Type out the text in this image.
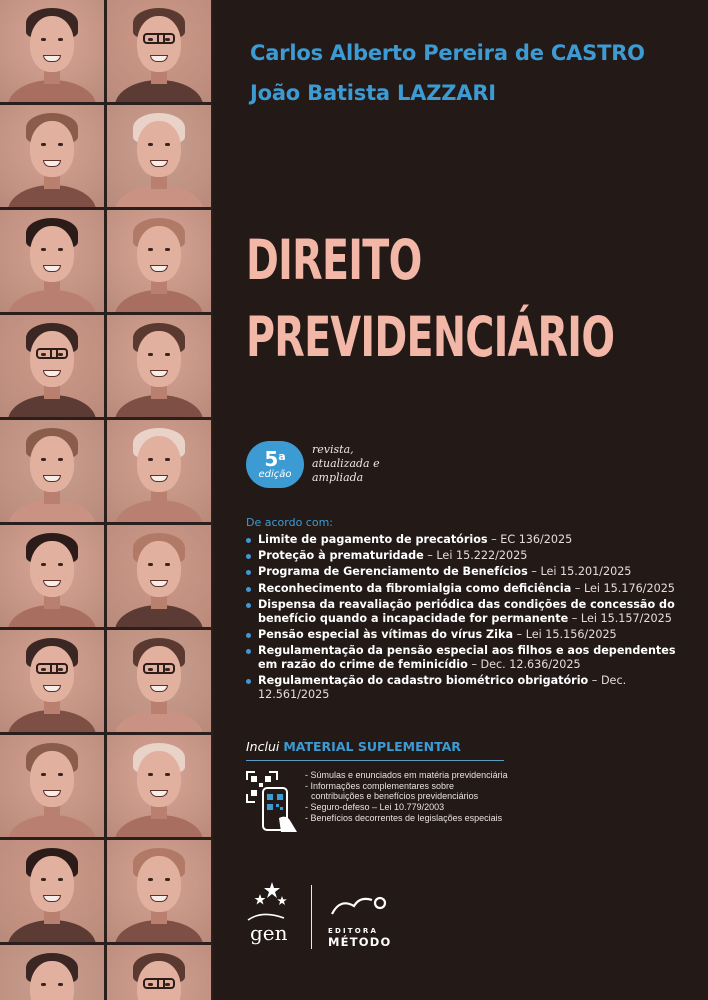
Carlos Alberto Pereira de CASTRO
João Batista LAZZARI
DIREITO
PREVIDENCIÁRIO
5$^a$
edição
revista, atualizada e ampliada
De acordo com:
Limite de pagamento de precatórios – EC 136/2025
Proteção à prematuridade – Lei 15.222/2025
Programa de Gerenciamento de Benefícios – Lei 15.201/2025
Reconhecimento da fibromialgia como deficiência – Lei 15.176/2025
Dispensa da reavaliação periódica das condições de concessão do benefício quando a incapacidade for permanente – Lei 15.157/2025
Pensão especial às vítimas do vírus Zika – Lei 15.156/2025
Regulamentação da pensão especial aos filhos e aos dependentes em razão do crime de feminicídio – Dec. 12.636/2025
Regulamentação do cadastro biométrico obrigatório – Dec. 12.561/2025
Inclui MATERIAL SUPLEMENTAR
- Súmulas e enunciados em matéria previdenciária
- Informações complementares sobre
contribuições e benefícios previdenciários
- Seguro-defeso – Lei 10.779/2003
- Benefícios decorrentes de legislações especiais
gen	EDITORA
MÉTODO
